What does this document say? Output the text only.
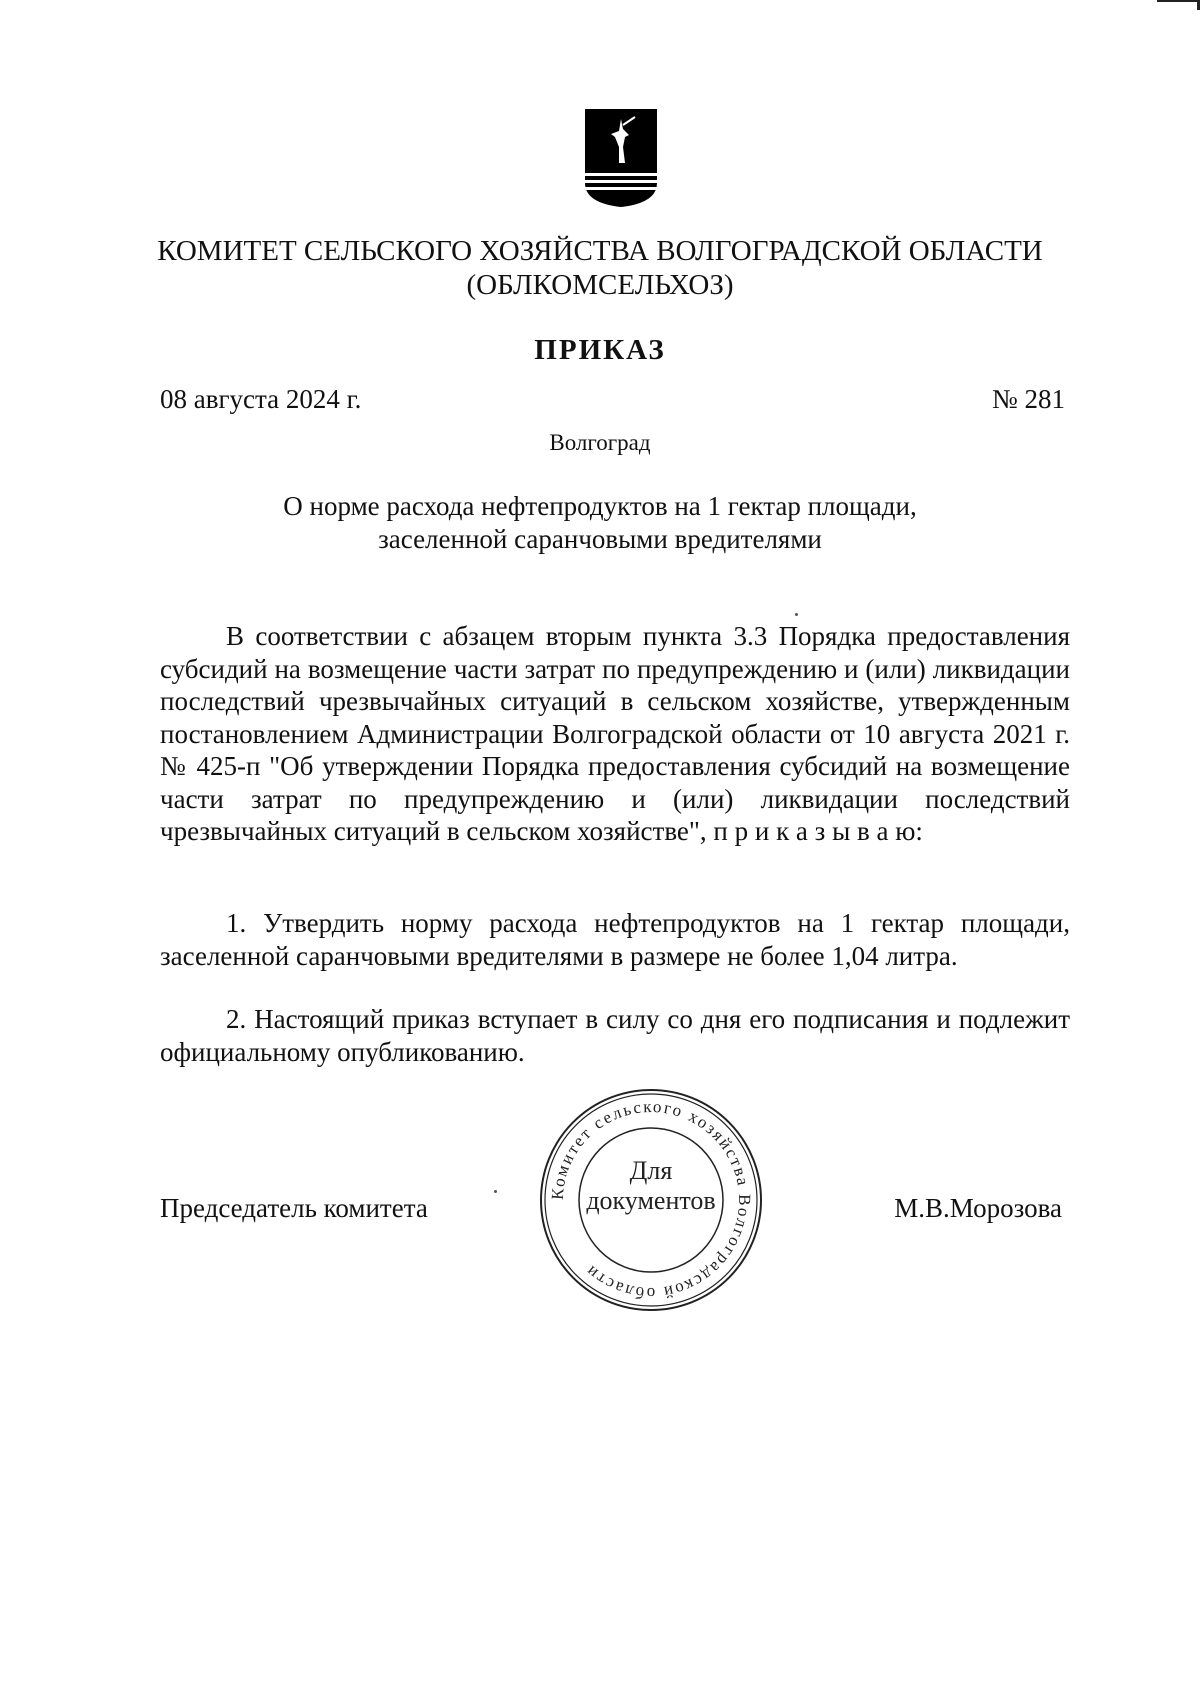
КОМИТЕТ СЕЛЬСКОГО ХОЗЯЙСТВА ВОЛГОГРАДСКОЙ ОБЛАСТИ
(ОБЛКОМСЕЛЬХОЗ)
ПРИКАЗ
08 августа 2024 г.	№ 281
Волгоград
О норме расхода нефтепродуктов на 1 гектар площади,
заселенной саранчовыми вредителями
В соответствии с абзацем вторым пункта 3.3 Порядка предоставления субсидий на возмещение части затрат по предупреждению и (или) ликвидации последствий чрезвычайных ситуаций в сельском хозяйстве, утвержденным постановлением Администрации Волгоградской области от 10 августа 2021 г. № 425-п "Об утверждении Порядка предоставления субсидий на возмещение части затрат по предупреждению и (или) ликвидации последствий чрезвычайных ситуаций в сельском хозяйстве", п р и к а з ы в а ю:
1. Утвердить норму расхода нефтепродуктов на 1 гектар площади, заселенной саранчовыми вредителями в размере не более 1,04 литра.
2. Настоящий приказ вступает в силу со дня его подписания и подлежит официальному опубликованию.
Председатель комитета	М.В.Морозова
Комитет сельского хозяйства Волгоградской области
Для
документов
